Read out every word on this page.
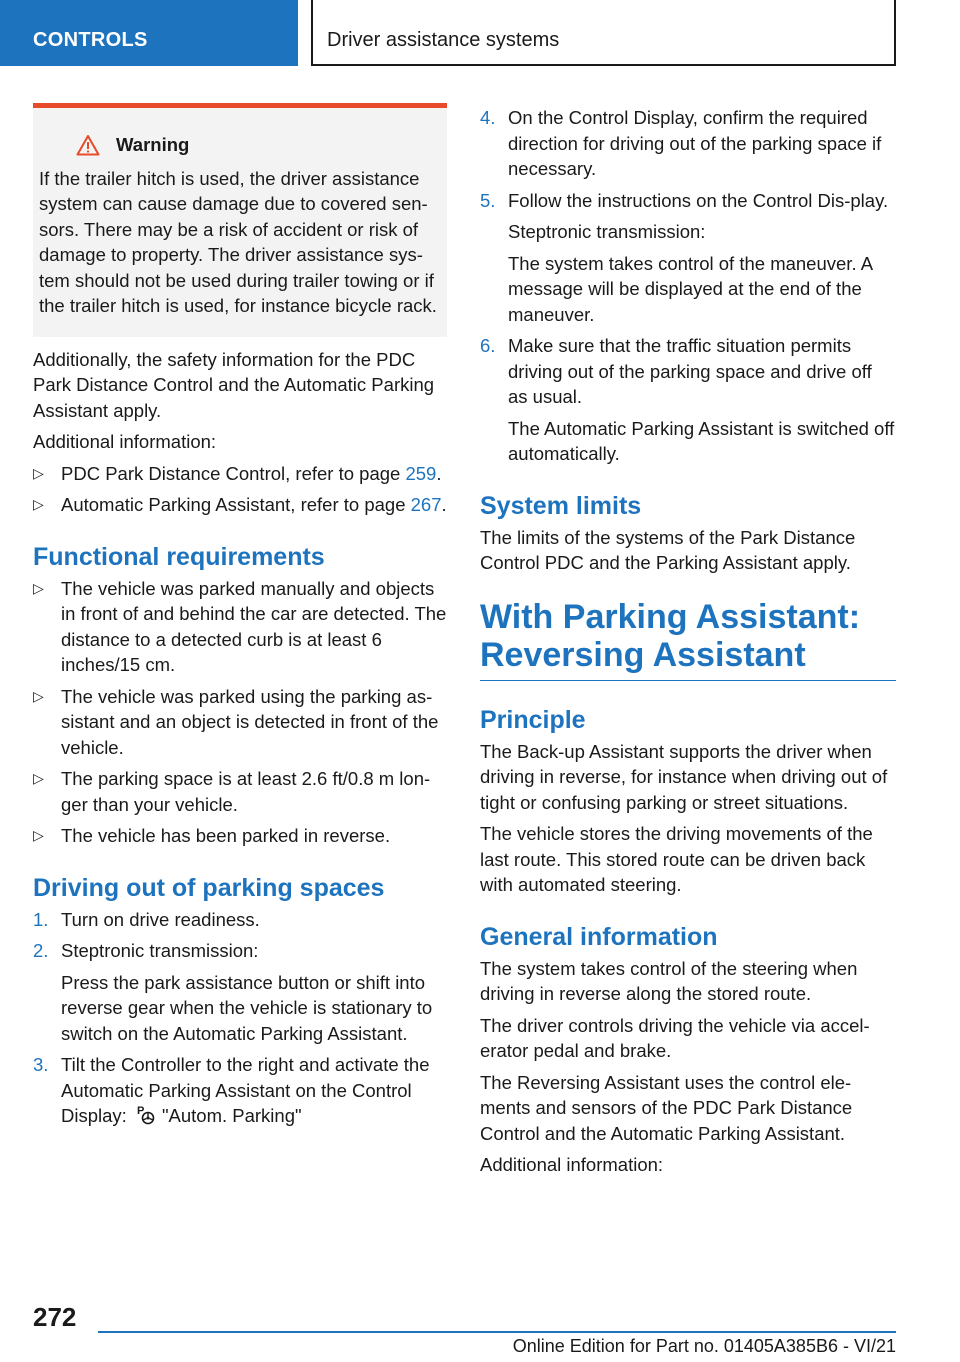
CONTROLS	Driver assistance systems
Warning

If the trailer hitch is used, the driver assistance system can cause damage due to covered sen-sors. There may be a risk of accident or risk of damage to property. The driver assistance sys-tem should not be used during trailer towing or if the trailer hitch is used, for instance bicycle rack.

Additionally, the safety information for the PDC Park Distance Control and the Automatic Parking Assistant apply.

Additional information:

▷ PDC Park Distance Control, refer to page 259.
▷ Automatic Parking Assistant, refer to page 267.
Functional requirements
▷ The vehicle was parked manually and objects in front of and behind the car are detected. The distance to a detected curb is at least 6 inches/15 cm.
▷ The vehicle was parked using the parking as-sistant and an object is detected in front of the vehicle.
▷ The parking space is at least 2.6 ft/0.8 m lon-ger than your vehicle.
▷ The vehicle has been parked in reverse.
Driving out of parking spaces
1. Turn on drive readiness.
2. Steptronic transmission:

Press the park assistance button or shift into reverse gear when the vehicle is stationary to switch on the Automatic Parking Assistant.

3. Tilt the Controller to the right and activate the Automatic Parking Assistant on the Control Display: P "Autom. Parking"
4. On the Control Display, confirm the required direction for driving out of the parking space if necessary.
5. Follow the instructions on the Control Dis-play.

Steptronic transmission:

The system takes control of the maneuver. A message will be displayed at the end of the maneuver.

6. Make sure that the traffic situation permits driving out of the parking space and drive off as usual.

The Automatic Parking Assistant is switched off automatically.

System limits

The limits of the systems of the Park Distance Control PDC and the Parking Assistant apply.

With Parking Assistant: Reversing Assistant
Principle

The Back-up Assistant supports the driver when driving in reverse, for instance when driving out of tight or confusing parking or street situations.

The vehicle stores the driving movements of the last route. This stored route can be driven back with automated steering.

General information

The system takes control of the steering when driving in reverse along the stored route.

The driver controls driving the vehicle via accel-erator pedal and brake.

The Reversing Assistant uses the control ele-ments and sensors of the PDC Park Distance Control and the Automatic Parking Assistant.

Additional information:

272
Online Edition for Part no. 01405A385B6 - VI/21
